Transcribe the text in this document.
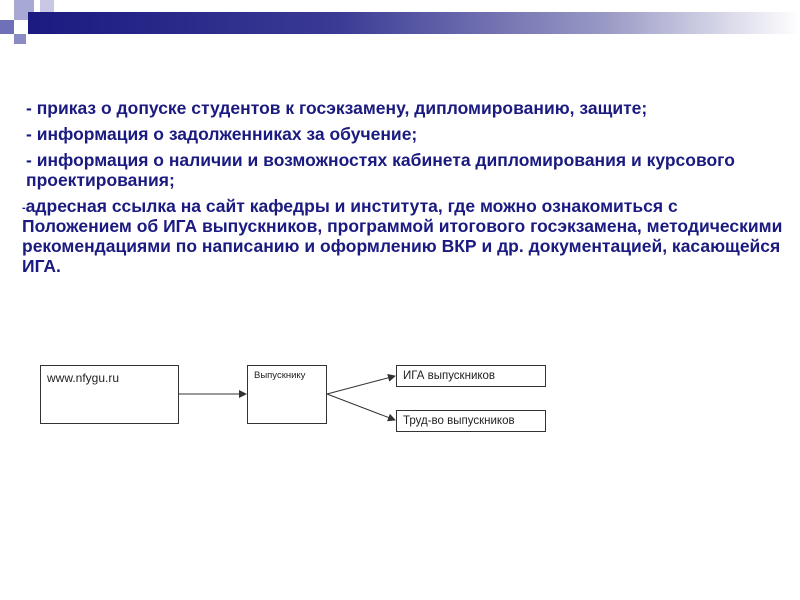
- приказ о допуске студентов к госэкзамену, дипломированию, защите;

- информация о задолженниках за обучение;

- информация о наличии и возможностях кабинета дипломирования и курсового проектирования;

-адресная ссылка на сайт кафедры и института, где можно ознакомиться с Положением об ИГА выпускников, программой итогового госэкзамена, методическими рекомендациями по написанию и оформлению ВКР и др. документацией, касающейся ИГА.

www.nfygu.ru	Выпускнику	ИГА выпускников
Труд-во выпускников
